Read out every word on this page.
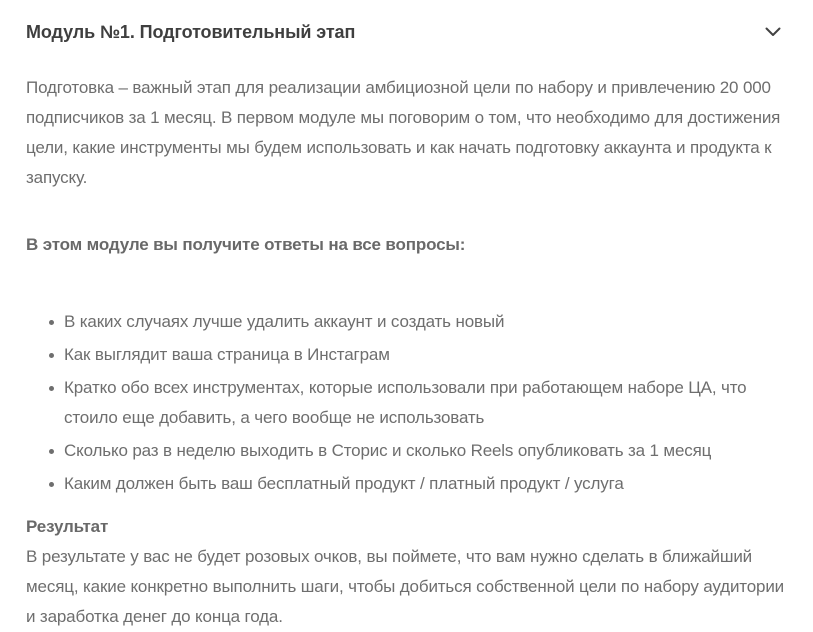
Модуль №1. Подготовительный этап

Подготовка – важный этап для реализации амбициозной цели по набору и привлечению 20 000 подписчиков за 1 месяц. В первом модуле мы поговорим о том, что необходимо для достижения цели, какие инструменты мы будем использовать и как начать подготовку аккаунта и продукта к запуску.

В этом модуле вы получите ответы на все вопросы:
В каких случаях лучше удалить аккаунт и создать новый
Как выглядит ваша страница в Инстаграм
Кратко обо всех инструментах, которые использовали при работающем наборе ЦА, что стоило еще добавить, а чего вообще не использовать
Сколько раз в неделю выходить в Сторис и сколько Reels опубликовать за 1 месяц
Каким должен быть ваш бесплатный продукт / платный продукт / услуга
Результат

В результате у вас не будет розовых очков, вы поймете, что вам нужно сделать в ближайший месяц, какие конкретно выполнить шаги, чтобы добиться собственной цели по набору аудитории и заработка денег до конца года.
